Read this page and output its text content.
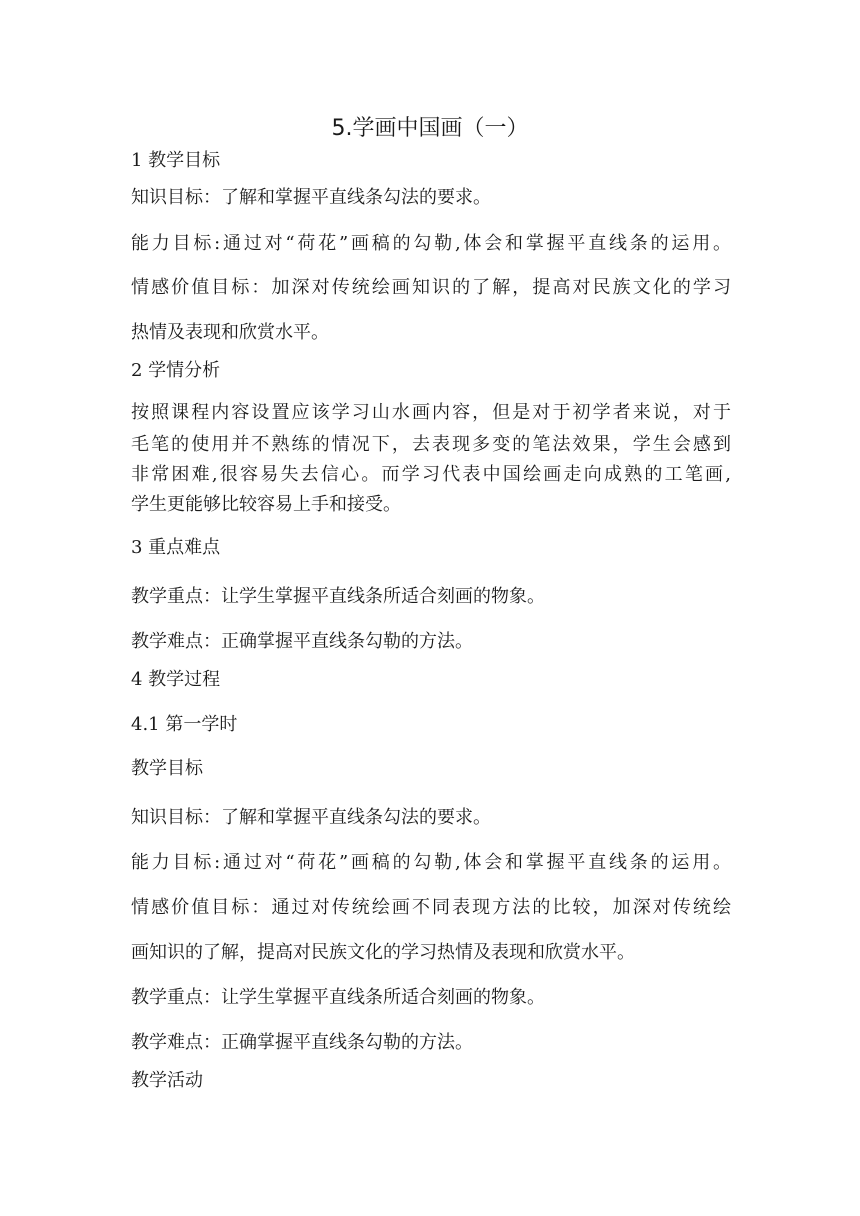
5.学画中国画（一）
1 教学目标
知识目标：了解和掌握平直线条勾法的要求。
能力目标:通过对“荷花”画稿的勾勒,体会和掌握平直线条的运用。
情感价值目标：加深对传统绘画知识的了解，提高对民族文化的学习
热情及表现和欣赏水平。
2 学情分析
按照课程内容设置应该学习山水画内容，但是对于初学者来说，对于
毛笔的使用并不熟练的情况下，去表现多变的笔法效果，学生会感到
非常困难,很容易失去信心。而学习代表中国绘画走向成熟的工笔画,
学生更能够比较容易上手和接受。
3 重点难点
教学重点：让学生掌握平直线条所适合刻画的物象。
教学难点：正确掌握平直线条勾勒的方法。
4 教学过程
4.1 第一学时
教学目标
知识目标：了解和掌握平直线条勾法的要求。
能力目标:通过对“荷花”画稿的勾勒,体会和掌握平直线条的运用。
情感价值目标：通过对传统绘画不同表现方法的比较，加深对传统绘
画知识的了解，提高对民族文化的学习热情及表现和欣赏水平。
教学重点：让学生掌握平直线条所适合刻画的物象。
教学难点：正确掌握平直线条勾勒的方法。
教学活动
